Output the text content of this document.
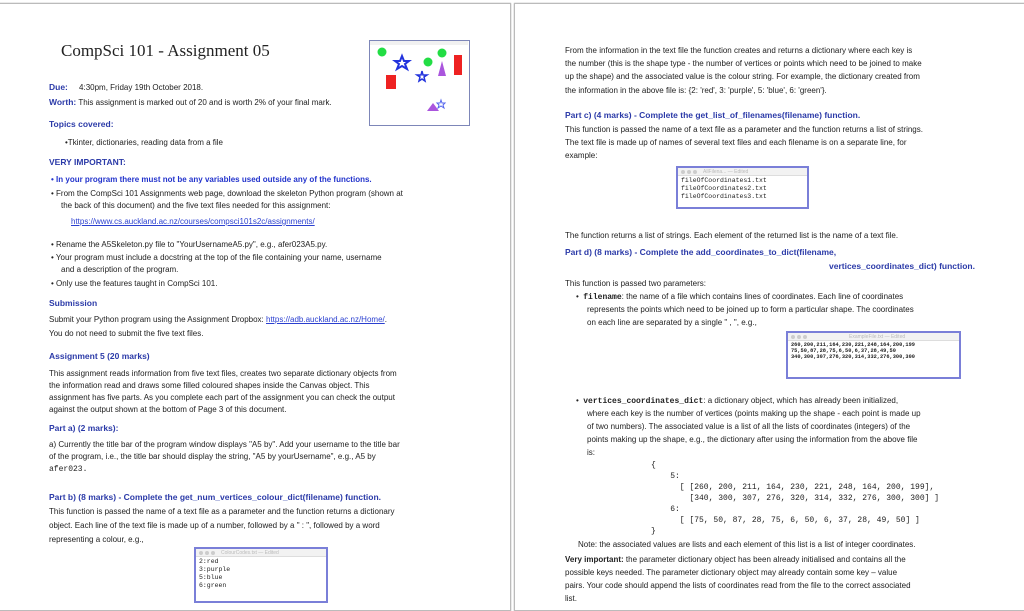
CompSci 101 - Assignment 05
Due: 4:30pm, Friday 19th October 2018.
Worth: This assignment is marked out of 20 and is worth 2% of your final mark.
Topics covered:
•Tkinter, dictionaries, reading data from a file
VERY IMPORTANT:
• In your program there must not be any variables used outside any of the functions.
• From the CompSci 101 Assignments web page, download the skeleton Python program (shown at
the back of this document) and the five text files needed for this assignment:
https://www.cs.auckland.ac.nz/courses/compsci101s2c/assignments/
• Rename the A5Skeleton.py file to "YourUsernameA5.py", e.g., afer023A5.py.
• Your program must include a docstring at the top of the file containing your name, username
and a description of the program.
• Only use the features taught in CompSci 101.
Submission
Submit your Python program using the Assignment Dropbox: https://adb.auckland.ac.nz/Home/.
You do not need to submit the five text files.
Assignment 5 (20 marks)
This assignment reads information from five text files, creates two separate dictionary objects from
the information read and draws some filled coloured shapes inside the Canvas object. This
assignment has five parts. As you complete each part of the assignment you can check the output
against the output shown at the bottom of Page 3 of this document.
Part a) (2 marks):
a) Currently the title bar of the program window displays "A5 by". Add your username to the title bar
of the program, i.e., the title bar should display the string, "A5 by yourUsername", e.g., A5 by
afer023.
Part b) (8 marks) - Complete the get_num_vertices_colour_dict(filename) function.
This function is passed the name of a text file as a parameter and the function returns a dictionary
object. Each line of the text file is made up of a number, followed by a " : ", followed by a word
representing a colour, e.g.,
ColourCodes.txt — Edited
2:red
3:purple
5:blue
6:green
From the information in the text file the function creates and returns a dictionary where each key is
the number (this is the shape type - the number of vertices or points which need to be joined to make
up the shape) and the associated value is the colour string. For example, the dictionary created from
the information in the above file is: {2: 'red', 3: 'purple', 5: 'blue', 6: 'green'}.
Part c) (4 marks) - Complete the get_list_of_filenames(filename) function.
This function is passed the name of a text file as a parameter and the function returns a list of strings.
The text file is made up of names of several text files and each filename is on a separate line, for
example:
AllFilena... — Edited
fileOfCoordinates1.txt
fileOfCoordinates2.txt
fileOfCoordinates3.txt
The function returns a list of strings. Each element of the returned list is the name of a text file.
Part d) (8 marks) - Complete the add_coordinates_to_dict(filename,
vertices_coordinates_dict) function.
This function is passed two parameters:
•  filename: the name of a file which contains lines of coordinates. Each line of coordinates
represents the points which need to be joined up to form a particular shape. The coordinates
on each line are separated by a single " , ", e.g.,
ExampleFile.txt — Edited
260,200,211,164,230,221,248,164,200,199
75,50,87,28,75,6,50,6,37,28,49,50
340,300,307,276,320,314,332,276,300,300
•  vertices_coordinates_dict: a dictionary object, which has already been initialized,
where each key is the number of vertices (points making up the shape - each point is made up
of two numbers). The associated value is a list of all the lists of coordinates (integers) of the
points making up the shape, e.g., the dictionary after using the information from the above file
is:
{
5:
[ [260, 200, 211, 164, 230, 221, 248, 164, 200, 199],
[340, 300, 307, 276, 320, 314, 332, 276, 300, 300] ]
6:
[ [75, 50, 87, 28, 75, 6, 50, 6, 37, 28, 49, 50] ]
}
Note: the associated values are lists and each element of this list is a list of integer coordinates.
Very important: the parameter dictionary object has been already initialised and contains all the
possible keys needed. The parameter dictionary object may already contain some key – value
pairs. Your code should append the lists of coordinates read from the file to the correct associated
list.
